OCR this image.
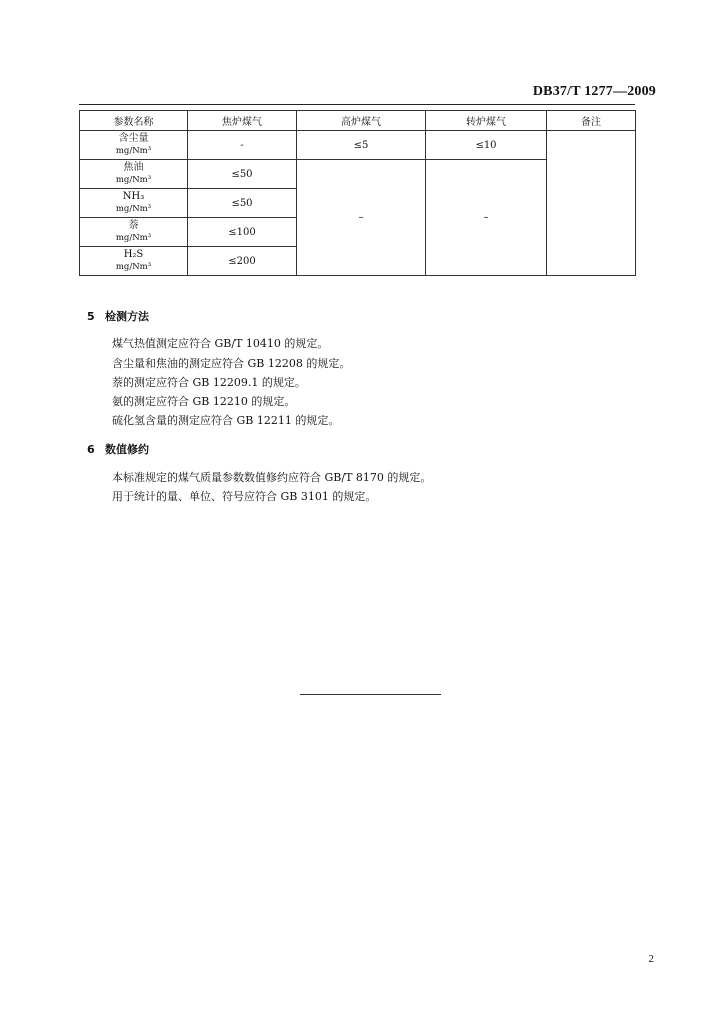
DB37/T 1277—2009
参数名称	焦炉煤气	高炉煤气	转炉煤气	备注
含尘量
mg/Nm³	-	≤5	≤10	
焦油
mg/Nm³	≤50	–	–	
NH₃
mg/Nm³	≤50			
萘
mg/Nm³	≤100			
H₂S
mg/Nm³	≤200			
5 检测方法
煤气热值测定应符合 GB/T 10410 的规定。
含尘量和焦油的测定应符合 GB 12208 的规定。
萘的测定应符合 GB 12209.1 的规定。
氨的测定应符合 GB 12210 的规定。
硫化氢含量的测定应符合 GB 12211 的规定。
6 数值修约
本标准规定的煤气质量参数数值修约应符合 GB/T 8170 的规定。
用于统计的量、单位、符号应符合 GB 3101 的规定。
2
